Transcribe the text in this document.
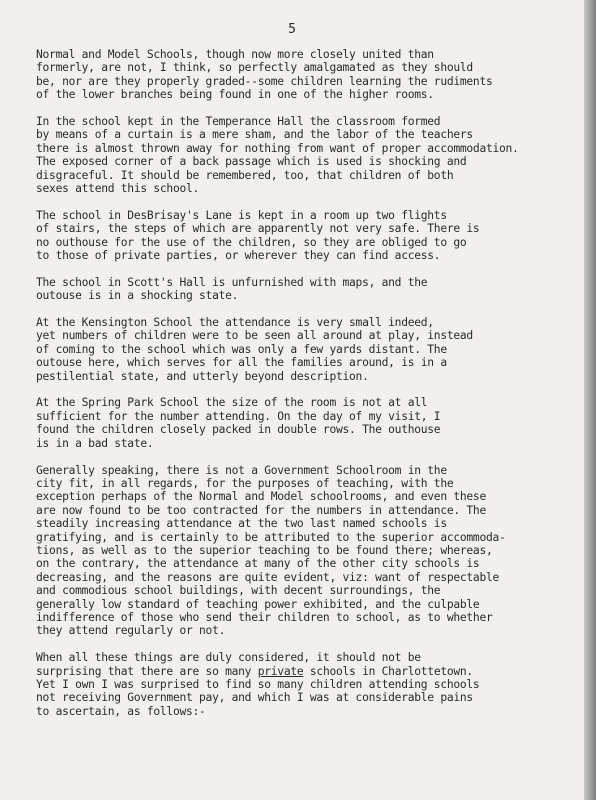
5

Normal and Model Schools, though now more closely united than
formerly, are not, I think, so perfectly amalgamated as they should
be, nor are they properly graded--some children learning the rudiments
of the lower branches being found in one of the higher rooms.

In the school kept in the Temperance Hall the classroom formed
by means of a curtain is a mere sham, and the labor of the teachers
there is almost thrown away for nothing from want of proper accommodation.
The exposed corner of a back passage which is used is shocking and
disgraceful. It should be remembered, too, that children of both
sexes attend this school.

The school in DesBrisay's Lane is kept in a room up two flights
of stairs, the steps of which are apparently not very safe. There is
no outhouse for the use of the children, so they are obliged to go
to those of private parties, or wherever they can find access.

The school in Scott's Hall is unfurnished with maps, and the
outouse is in a shocking state.

At the Kensington School the attendance is very small indeed,
yet numbers of children were to be seen all around at play, instead
of coming to the school which was only a few yards distant. The
outouse here, which serves for all the families around, is in a
pestilential state, and utterly beyond description.

At the Spring Park School the size of the room is not at all
sufficient for the number attending. On the day of my visit, I
found the children closely packed in double rows. The outhouse
is in a bad state.

Generally speaking, there is not a Government Schoolroom in the
city fit, in all regards, for the purposes of teaching, with the
exception perhaps of the Normal and Model schoolrooms, and even these
are now found to be too contracted for the numbers in attendance. The
steadily increasing attendance at the two last named schools is
gratifying, and is certainly to be attributed to the superior accommoda-
tions, as well as to the superior teaching to be found there; whereas,
on the contrary, the attendance at many of the other city schools is
decreasing, and the reasons are quite evident, viz: want of respectable
and commodious school buildings, with decent surroundings, the
generally low standard of teaching power exhibited, and the culpable
indifference of those who send their children to school, as to whether
they attend regularly or not.

When all these things are duly considered, it should not be
surprising that there are so many private schools in Charlottetown.
Yet I own I was surprised to find so many children attending schools
not receiving Government pay, and which I was at considerable pains
to ascertain, as follows:-
